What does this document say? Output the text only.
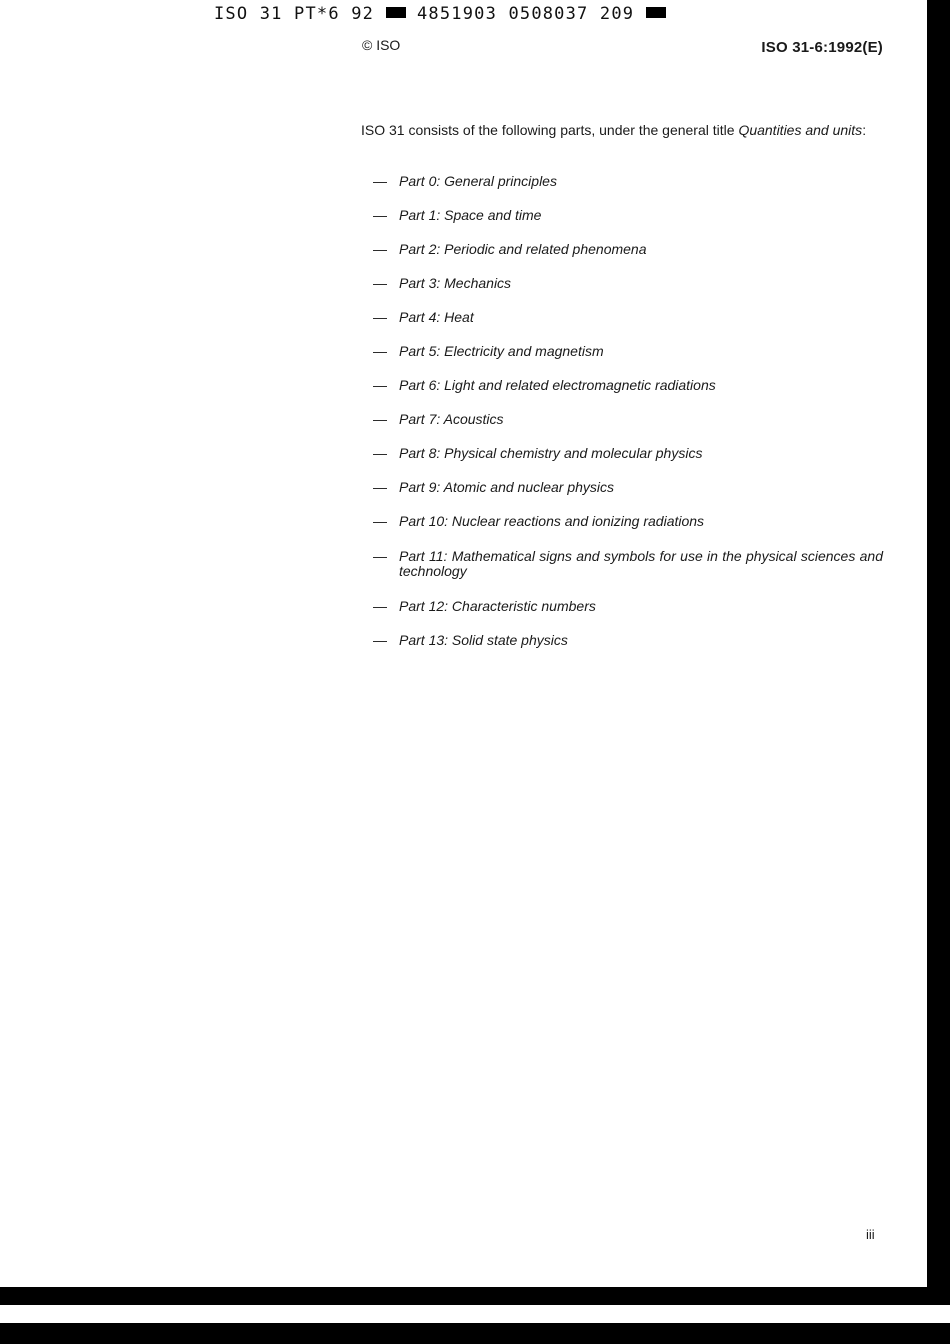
ISO 31 PT*6 92	4851903 0508037 209
© ISO	ISO 31-6:1992(E)
ISO 31 consists of the following parts, under the general title Quantities and units:
— Part 0: General principles
— Part 1: Space and time
— Part 2: Periodic and related phenomena
— Part 3: Mechanics
— Part 4: Heat
— Part 5: Electricity and magnetism
— Part 6: Light and related electromagnetic radiations
— Part 7: Acoustics
— Part 8: Physical chemistry and molecular physics
— Part 9: Atomic and nuclear physics
— Part 10: Nuclear reactions and ionizing radiations
— Part 11: Mathematical signs and symbols for use in the physical sciences and technology
— Part 12: Characteristic numbers
— Part 13: Solid state physics
iii
